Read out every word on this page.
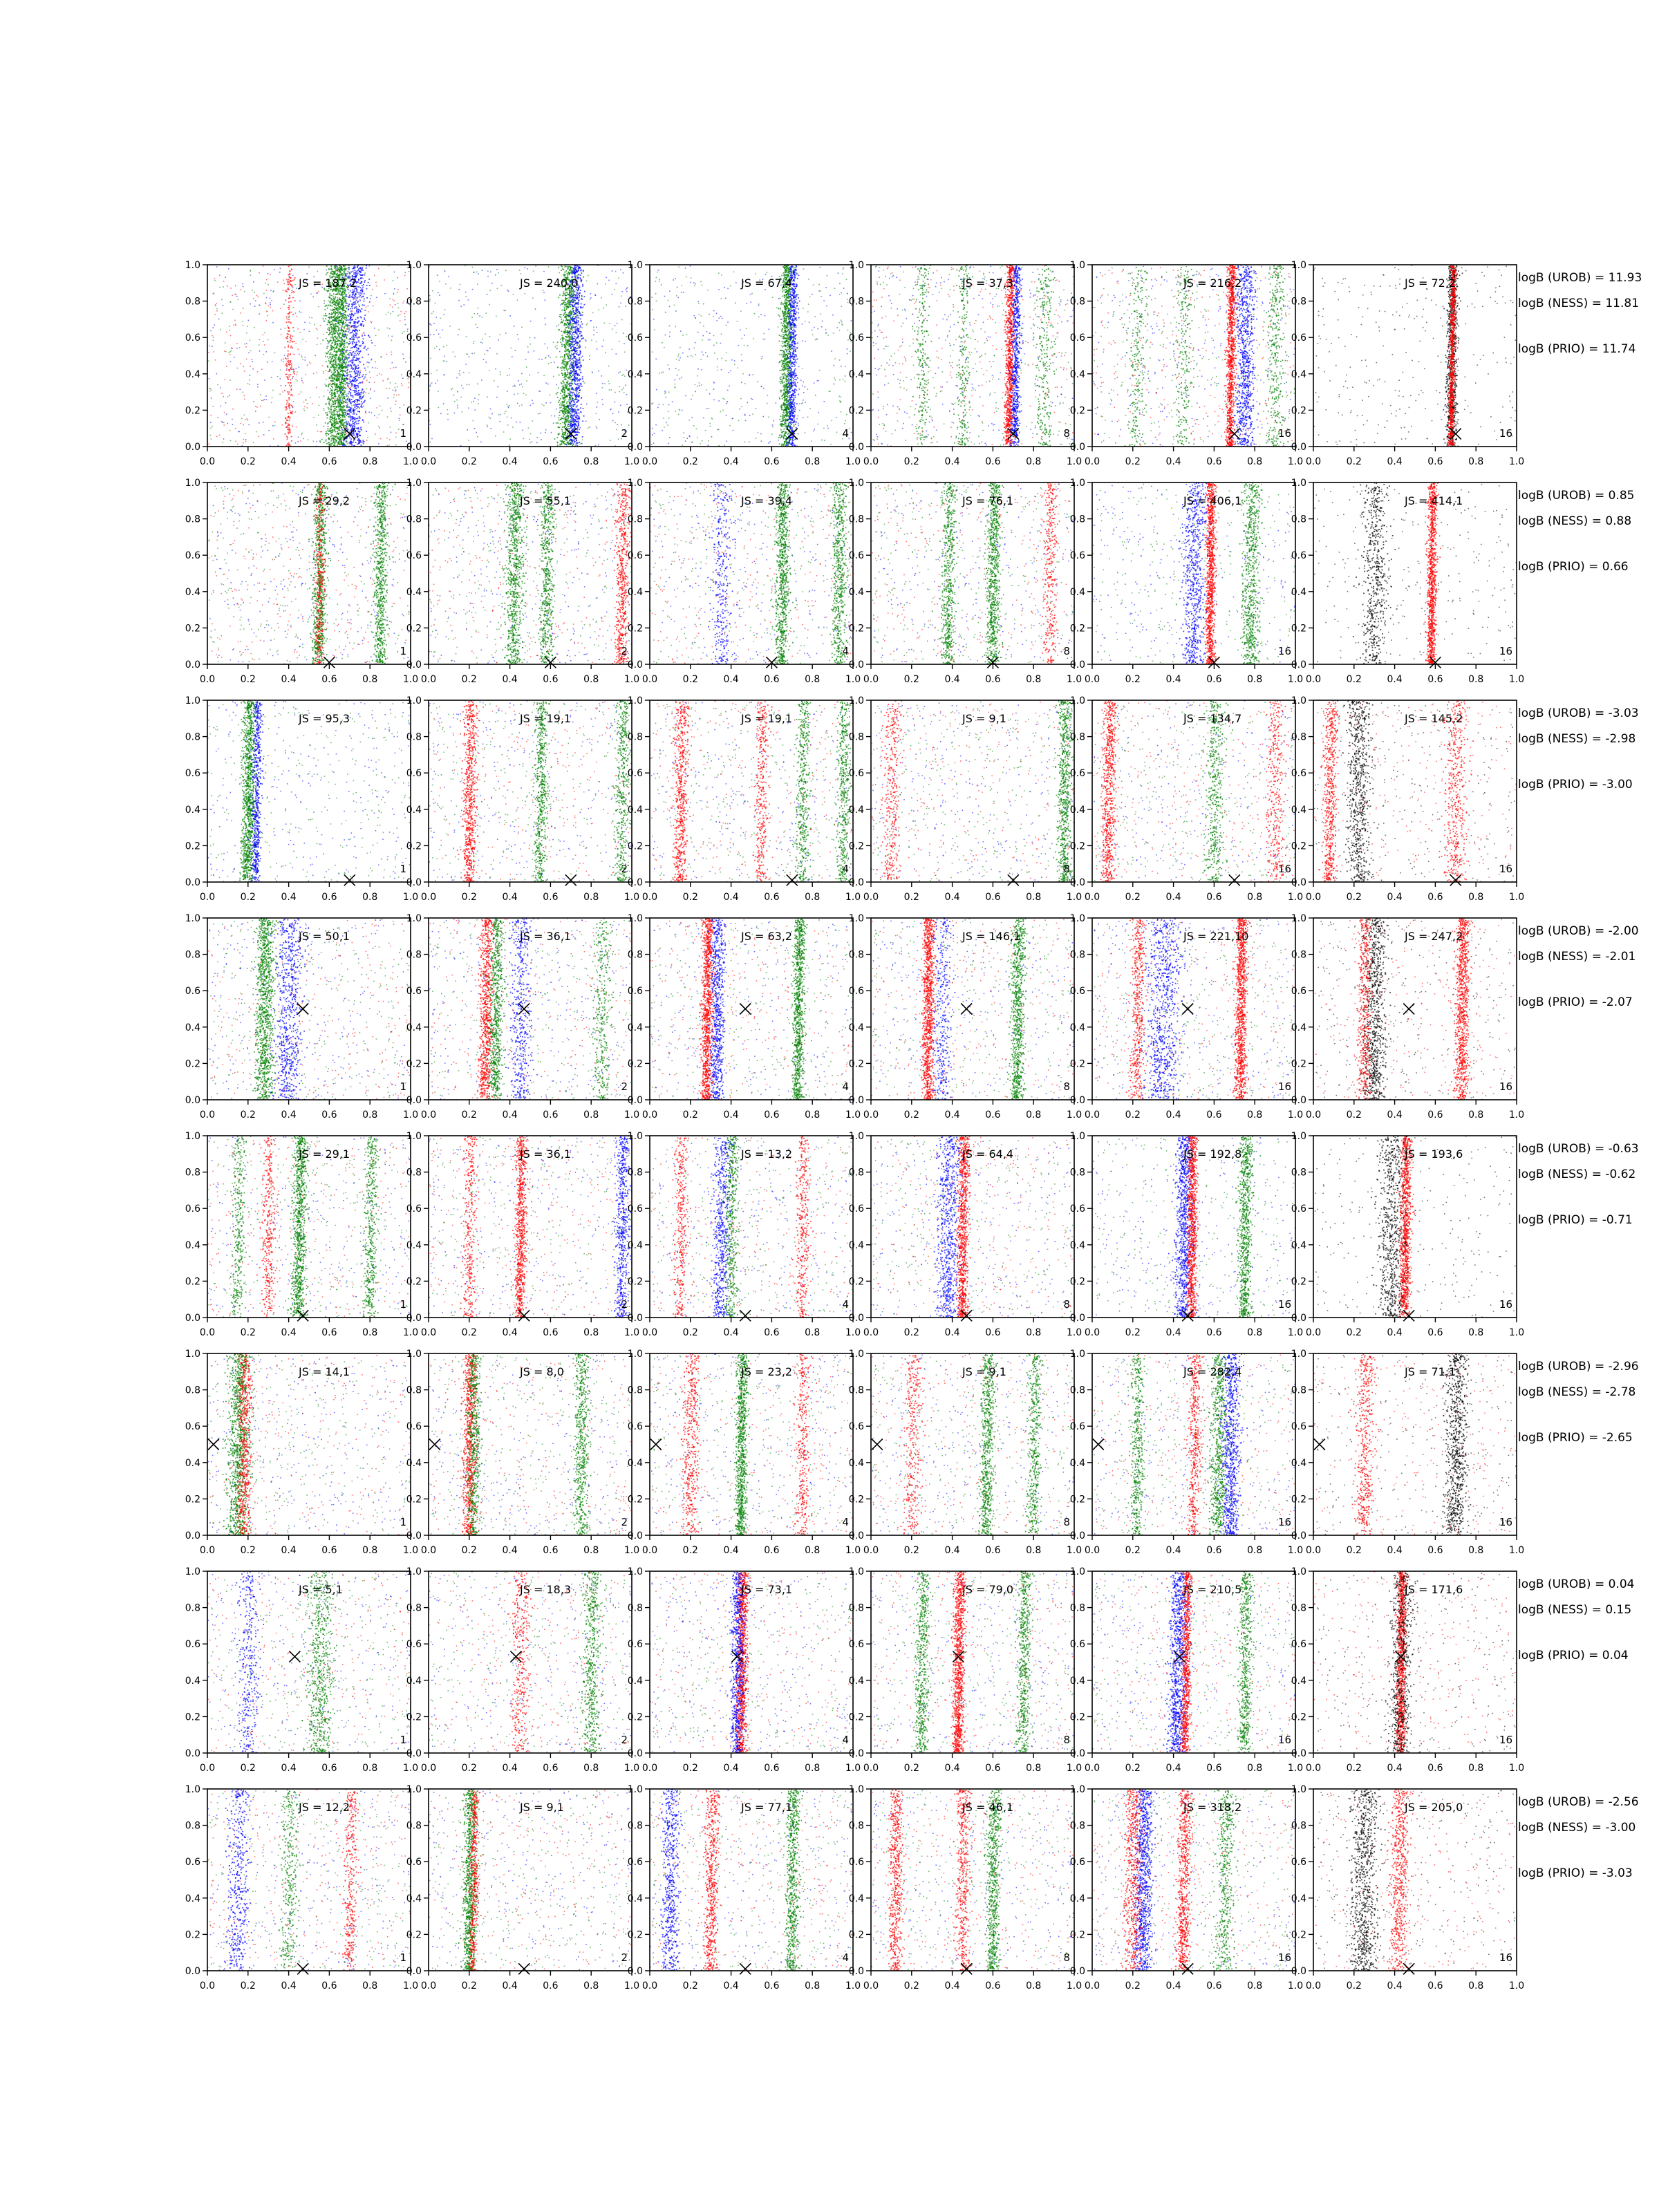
0.0
0.0
0.2
0.2
0.4
0.4
0.6
0.6
0.8
0.8
1.0
1.0
JS = 187,2
1
0.0
0.0
0.2
0.2
0.4
0.4
0.6
0.6
0.8
0.8
1.0
1.0
JS = 240,0
2
0.0
0.0
0.2
0.2
0.4
0.4
0.6
0.6
0.8
0.8
1.0
1.0
JS = 67,4
4
0.0
0.0
0.2
0.2
0.4
0.4
0.6
0.6
0.8
0.8
1.0
1.0
JS = 37,3
8
0.0
0.0
0.2
0.2
0.4
0.4
0.6
0.6
0.8
0.8
1.0
1.0
JS = 216,2
16
0.0
0.0
0.2
0.2
0.4
0.4
0.6
0.6
0.8
0.8
1.0
1.0
JS = 72,2
16
logB (UROB) = 11.93
logB (NESS) = 11.81
logB (PRIO) = 11.74
0.0
0.0
0.2
0.2
0.4
0.4
0.6
0.6
0.8
0.8
1.0
1.0
JS = 29,2
1
0.0
0.0
0.2
0.2
0.4
0.4
0.6
0.6
0.8
0.8
1.0
1.0
JS = 55,1
2
0.0
0.0
0.2
0.2
0.4
0.4
0.6
0.6
0.8
0.8
1.0
1.0
JS = 39,4
4
0.0
0.0
0.2
0.2
0.4
0.4
0.6
0.6
0.8
0.8
1.0
1.0
JS = 76,1
8
0.0
0.0
0.2
0.2
0.4
0.4
0.6
0.6
0.8
0.8
1.0
1.0
JS = 406,1
16
0.0
0.0
0.2
0.2
0.4
0.4
0.6
0.6
0.8
0.8
1.0
1.0
JS = 414,1
16
logB (UROB) = 0.85
logB (NESS) = 0.88
logB (PRIO) = 0.66
0.0
0.0
0.2
0.2
0.4
0.4
0.6
0.6
0.8
0.8
1.0
1.0
JS = 95,3
1
0.0
0.0
0.2
0.2
0.4
0.4
0.6
0.6
0.8
0.8
1.0
1.0
JS = 19,1
2
0.0
0.0
0.2
0.2
0.4
0.4
0.6
0.6
0.8
0.8
1.0
1.0
JS = 19,1
4
0.0
0.0
0.2
0.2
0.4
0.4
0.6
0.6
0.8
0.8
1.0
1.0
JS = 9,1
8
0.0
0.0
0.2
0.2
0.4
0.4
0.6
0.6
0.8
0.8
1.0
1.0
JS = 134,7
16
0.0
0.0
0.2
0.2
0.4
0.4
0.6
0.6
0.8
0.8
1.0
1.0
JS = 145,2
16
logB (UROB) = -3.03
logB (NESS) = -2.98
logB (PRIO) = -3.00
0.0
0.0
0.2
0.2
0.4
0.4
0.6
0.6
0.8
0.8
1.0
1.0
JS = 50,1
1
0.0
0.0
0.2
0.2
0.4
0.4
0.6
0.6
0.8
0.8
1.0
1.0
JS = 36,1
2
0.0
0.0
0.2
0.2
0.4
0.4
0.6
0.6
0.8
0.8
1.0
1.0
JS = 63,2
4
0.0
0.0
0.2
0.2
0.4
0.4
0.6
0.6
0.8
0.8
1.0
1.0
JS = 146,1
8
0.0
0.0
0.2
0.2
0.4
0.4
0.6
0.6
0.8
0.8
1.0
1.0
JS = 221,10
16
0.0
0.0
0.2
0.2
0.4
0.4
0.6
0.6
0.8
0.8
1.0
1.0
JS = 247,2
16
logB (UROB) = -2.00
logB (NESS) = -2.01
logB (PRIO) = -2.07
0.0
0.0
0.2
0.2
0.4
0.4
0.6
0.6
0.8
0.8
1.0
1.0
JS = 29,1
1
0.0
0.0
0.2
0.2
0.4
0.4
0.6
0.6
0.8
0.8
1.0
1.0
JS = 36,1
2
0.0
0.0
0.2
0.2
0.4
0.4
0.6
0.6
0.8
0.8
1.0
1.0
JS = 13,2
4
0.0
0.0
0.2
0.2
0.4
0.4
0.6
0.6
0.8
0.8
1.0
1.0
JS = 64,4
8
0.0
0.0
0.2
0.2
0.4
0.4
0.6
0.6
0.8
0.8
1.0
1.0
JS = 192,8
16
0.0
0.0
0.2
0.2
0.4
0.4
0.6
0.6
0.8
0.8
1.0
1.0
JS = 193,6
16
logB (UROB) = -0.63
logB (NESS) = -0.62
logB (PRIO) = -0.71
0.0
0.0
0.2
0.2
0.4
0.4
0.6
0.6
0.8
0.8
1.0
1.0
JS = 14,1
1
0.0
0.0
0.2
0.2
0.4
0.4
0.6
0.6
0.8
0.8
1.0
1.0
JS = 8,0
2
0.0
0.0
0.2
0.2
0.4
0.4
0.6
0.6
0.8
0.8
1.0
1.0
JS = 23,2
4
0.0
0.0
0.2
0.2
0.4
0.4
0.6
0.6
0.8
0.8
1.0
1.0
JS = 9,1
8
0.0
0.0
0.2
0.2
0.4
0.4
0.6
0.6
0.8
0.8
1.0
1.0
JS = 282,4
16
0.0
0.0
0.2
0.2
0.4
0.4
0.6
0.6
0.8
0.8
1.0
1.0
JS = 71,1
16
logB (UROB) = -2.96
logB (NESS) = -2.78
logB (PRIO) = -2.65
0.0
0.0
0.2
0.2
0.4
0.4
0.6
0.6
0.8
0.8
1.0
1.0
JS = 5,1
1
0.0
0.0
0.2
0.2
0.4
0.4
0.6
0.6
0.8
0.8
1.0
1.0
JS = 18,3
2
0.0
0.0
0.2
0.2
0.4
0.4
0.6
0.6
0.8
0.8
1.0
1.0
JS = 73,1
4
0.0
0.0
0.2
0.2
0.4
0.4
0.6
0.6
0.8
0.8
1.0
1.0
JS = 79,0
8
0.0
0.0
0.2
0.2
0.4
0.4
0.6
0.6
0.8
0.8
1.0
1.0
JS = 210,5
16
0.0
0.0
0.2
0.2
0.4
0.4
0.6
0.6
0.8
0.8
1.0
1.0
JS = 171,6
16
logB (UROB) = 0.04
logB (NESS) = 0.15
logB (PRIO) = 0.04
0.0
0.0
0.2
0.2
0.4
0.4
0.6
0.6
0.8
0.8
1.0
1.0
JS = 12,2
1
0.0
0.0
0.2
0.2
0.4
0.4
0.6
0.6
0.8
0.8
1.0
1.0
JS = 9,1
2
0.0
0.0
0.2
0.2
0.4
0.4
0.6
0.6
0.8
0.8
1.0
1.0
JS = 77,1
4
0.0
0.0
0.2
0.2
0.4
0.4
0.6
0.6
0.8
0.8
1.0
1.0
JS = 46,1
8
0.0
0.0
0.2
0.2
0.4
0.4
0.6
0.6
0.8
0.8
1.0
1.0
JS = 318,2
16
0.0
0.0
0.2
0.2
0.4
0.4
0.6
0.6
0.8
0.8
1.0
1.0
JS = 205,0
16
logB (UROB) = -2.56
logB (NESS) = -3.00
logB (PRIO) = -3.03
